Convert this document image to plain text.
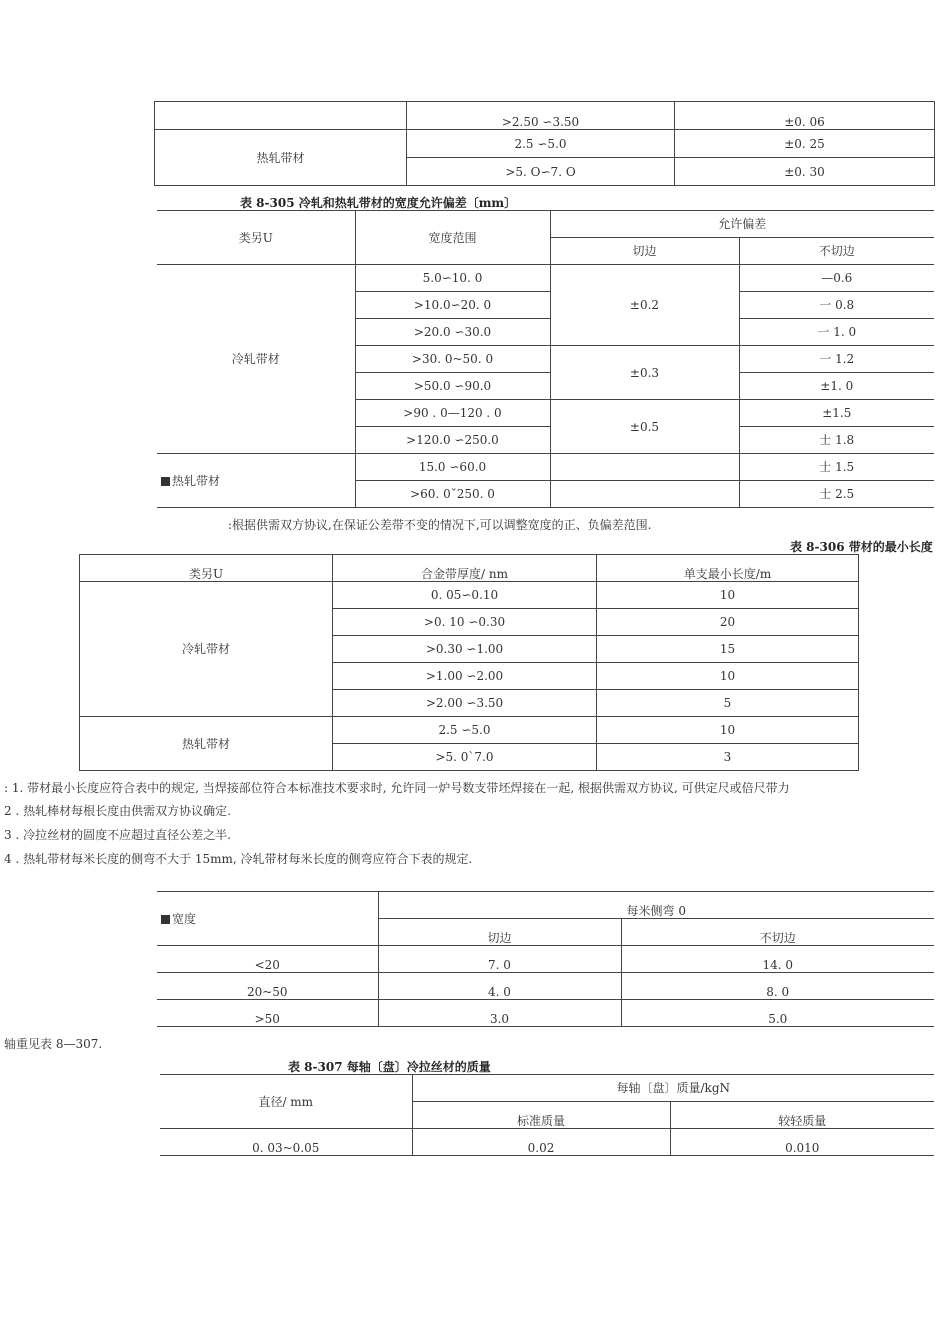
	>2.50 ∽3.50	±0. 06
热轧带材	2.5 ∽5.0	±0. 25
	>5. O∽7. O	±0. 30
表 8-305 冷轧和热轧带材的宽度允许偏差〔mm〕
类另U	宽度范围	允许偏差	
		切边	不切边
冷轧带材	5.0∽10. 0	±0.2	—0.6
	>10.0∽20. 0		一 0.8
	>20.0 ∽30.0		一 1. 0
	>30. 0~50. 0	±0.3	一 1.2
	>50.0 ∽90.0		±1. 0
	>90 . 0—120 . 0	±0.5	±1.5
	>120.0 ∽250.0		士 1.8
热轧带材	15.0 ∽60.0		士 1.5
	>60. 0ˇ250. 0		士 2.5
:根据供需双方协议,在保证公差带不变的情况下,可以调整宽度的正、负偏差范围.
表 8-306 带材的最小长度
类另U	合金带厚度/ nm	单支最小长度/m
冷轧带材	0. 05∽0.10	10
	>0. 10 ∽0.30	20
	>0.30 ∽1.00	15
	>1.00 ∽2.00	10
	>2.00 ∽3.50	5
热轧带材	2.5 ∽5.0	10
	>5. 0ˋ7.0	3
: 1. 带材最小长度应符合表中的规定, 当焊接部位符合本标准技术要求时, 允许同一炉号数支带坯焊接在一起, 根据供需双方协议, 可供定尺或倍尺带力
2 . 热轧棒材每根长度由供需双方协议确定.
3 . 冷拉丝材的圆度不应超过直径公差之半.
4 . 热轧带材每米长度的侧弯不大于 15mm, 冷轧带材每米长度的侧弯应符合下表的规定.
宽度	每米侧弯 0	
	切边	不切边
<20	7. 0	14. 0
20~50	4. 0	8. 0
>50	3.0	5.0
轴重见表 8—307.
表 8-307 每轴〔盘〕冷拉丝材的质量
直径/ mm	每轴〔盘〕质量/kgN	
	标准质量	较轻质量
0. 03~0.05	0.02	0.010
